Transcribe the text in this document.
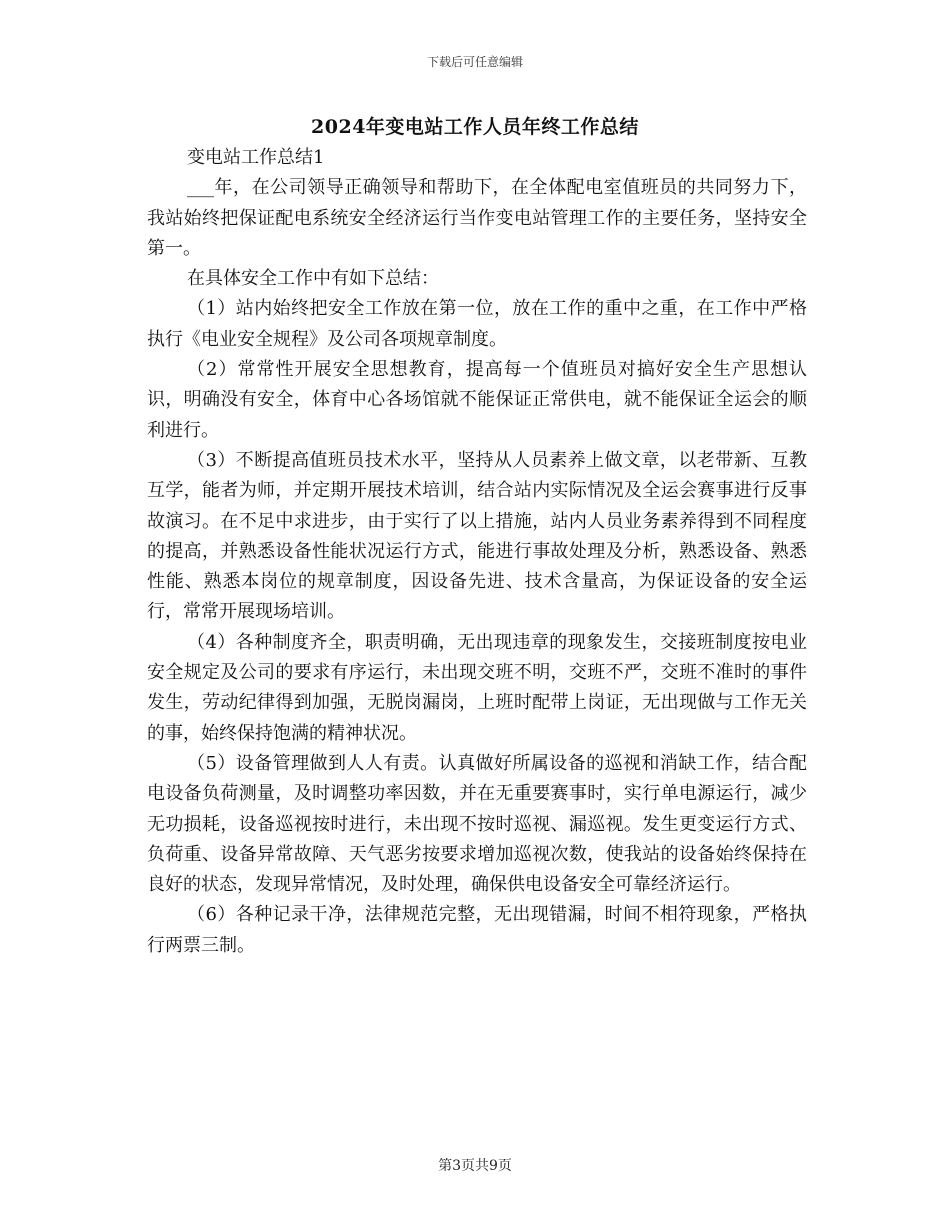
下载后可任意编辑
2024年变电站工作人员年终工作总结

变电站工作总结1

___年，在公司领导正确领导和帮助下，在全体配电室值班员的共同努力下，我站始终把保证配电系统安全经济运行当作变电站管理工作的主要任务，坚持安全第一。

在具体安全工作中有如下总结：

（1）站内始终把安全工作放在第一位，放在工作的重中之重，在工作中严格执行《电业安全规程》及公司各项规章制度。

（2）常常性开展安全思想教育，提高每一个值班员对搞好安全生产思想认识，明确没有安全，体育中心各场馆就不能保证正常供电，就不能保证全运会的顺利进行。

（3）不断提高值班员技术水平，坚持从人员素养上做文章，以老带新、互教互学，能者为师，并定期开展技术培训，结合站内实际情况及全运会赛事进行反事故演习。在不足中求进步，由于实行了以上措施，站内人员业务素养得到不同程度的提高，并熟悉设备性能状况运行方式，能进行事故处理及分析，熟悉设备、熟悉性能、熟悉本岗位的规章制度，因设备先进、技术含量高，为保证设备的安全运行，常常开展现场培训。

（4）各种制度齐全，职责明确，无出现违章的现象发生，交接班制度按电业安全规定及公司的要求有序运行，未出现交班不明，交班不严，交班不准时的事件发生，劳动纪律得到加强，无脱岗漏岗，上班时配带上岗证，无出现做与工作无关的事，始终保持饱满的精神状况。

（5）设备管理做到人人有责。认真做好所属设备的巡视和消缺工作，结合配电设备负荷测量，及时调整功率因数，并在无重要赛事时，实行单电源运行，减少无功损耗，设备巡视按时进行，未出现不按时巡视、漏巡视。发生更变运行方式、负荷重、设备异常故障、天气恶劣按要求增加巡视次数，使我站的设备始终保持在良好的状态，发现异常情况，及时处理，确保供电设备安全可靠经济运行。

（6）各种记录干净，法律规范完整，无出现错漏，时间不相符现象，严格执行两票三制。

第3页共9页
